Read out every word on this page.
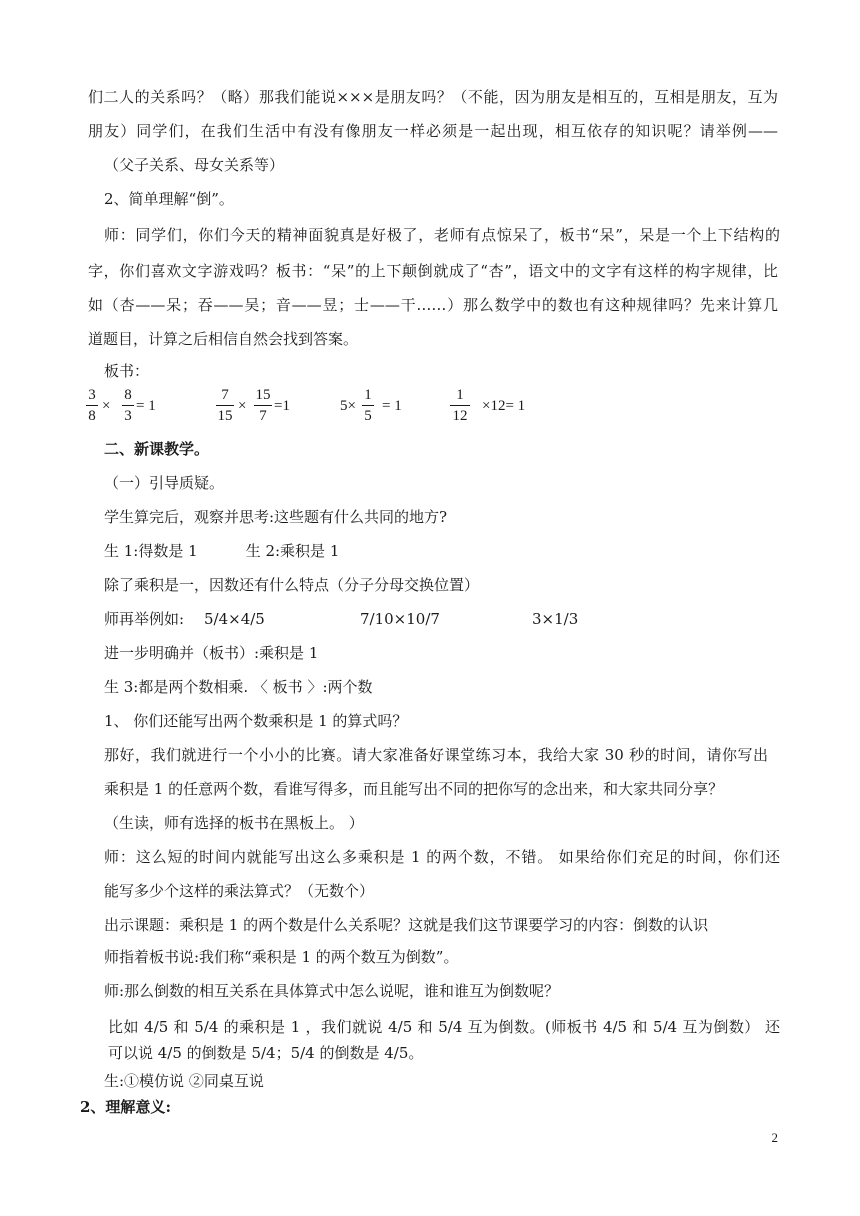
们二人的关系吗？（略）那我们能说×××是朋友吗？（不能，因为朋友是相互的，互相是朋友，互为
朋友）同学们，在我们生活中有没有像朋友一样必须是一起出现，相互依存的知识呢？请举例——
（父子关系、母女关系等）
2、简单理解“倒”。
师：同学们，你们今天的精神面貌真是好极了，老师有点惊呆了，板书“呆”，呆是一个上下结构的
字，你们喜欢文字游戏吗？板书：“呆”的上下颠倒就成了“杏”，语文中的文字有这样的构字规律，比
如（杏——呆；吞——吴；音——昱；士——干……）那么数学中的数也有这种规律吗？先来计算几
道题目，计算之后相信自然会找到答案。
板书：
3
8
×
8
3
= 1
7
15
×
15
7
=1	5×
1
5
= 1
1
12
×12= 1
二、新课教学。
（一）引导质疑。
学生算完后，观察并思考:这些题有什么共同的地方?
生 1:得数是 1	生 2:乘积是 1
除了乘积是一，因数还有什么特点（分子分母交换位置）
师再举例如: 5/4×4/5	7/10×10/7	3×1/3
进一步明确并（板书）:乘积是 1
生 3:都是两个数相乘. 〈 板书 〉:两个数
1、 你们还能写出两个数乘积是 1 的算式吗？
那好，我们就进行一个小小的比赛。请大家准备好课堂练习本，我给大家 30 秒的时间，请你写出
乘积是 1 的任意两个数，看谁写得多，而且能写出不同的把你写的念出来，和大家共同分享？
（生读，师有选择的板书在黑板上。 ）
师：这么短的时间内就能写出这么多乘积是 1 的两个数，不错。 如果给你们充足的时间，你们还
能写多少个这样的乘法算式？（无数个）
出示课题：乘积是 1 的两个数是什么关系呢？这就是我们这节课要学习的内容：倒数的认识
师指着板书说:我们称“乘积是 1 的两个数互为倒数”。
师:那么倒数的相互关系在具体算式中怎么说呢，谁和谁互为倒数呢？
比如 4/5 和 5/4 的乘积是 1 ，我们就说 4/5 和 5/4 互为倒数。(师板书 4/5 和 5/4 互为倒数） 还
可以说 4/5 的倒数是 5/4；5/4 的倒数是 4/5。
生:①模仿说 ②同桌互说
2、理解意义:
2
